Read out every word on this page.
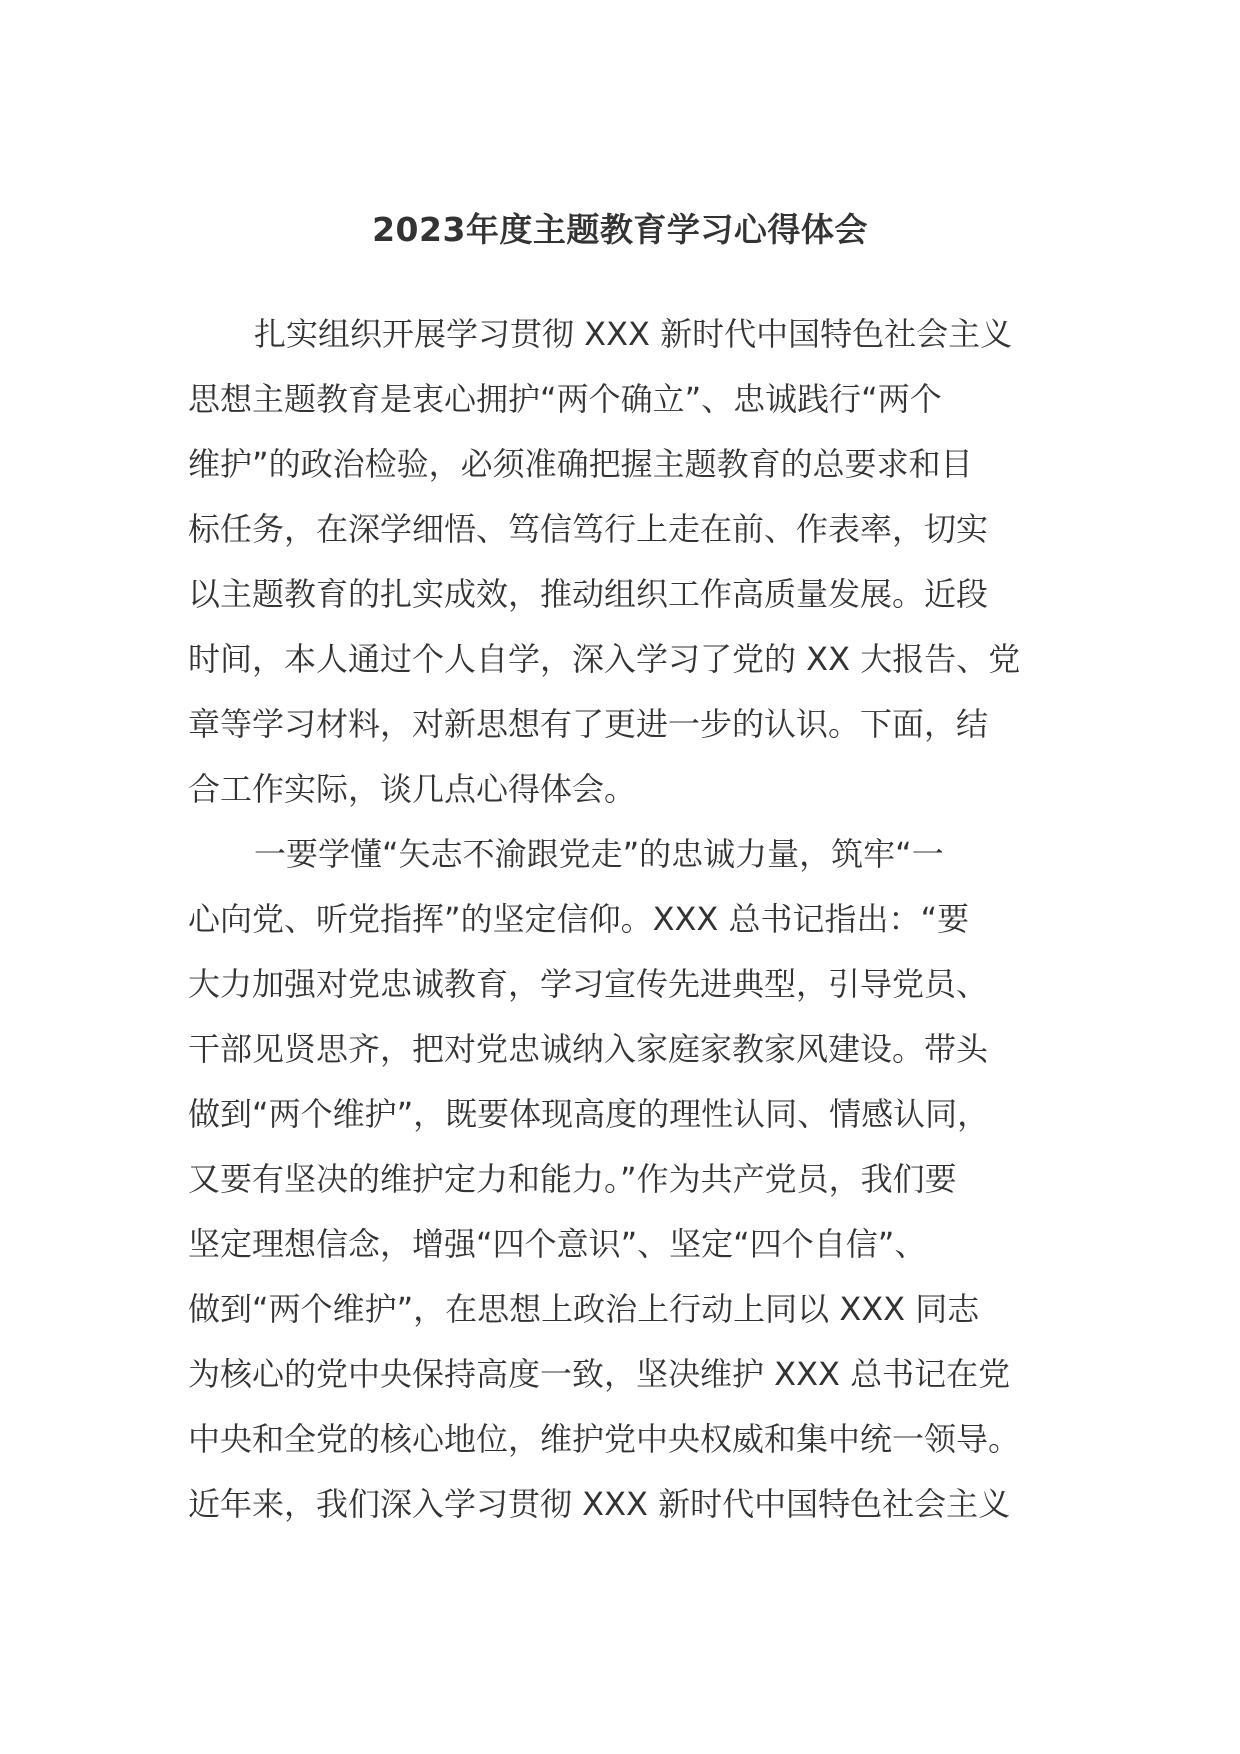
2023年度主题教育学习心得体会
扎实组织开展学习贯彻 XXX 新时代中国特色社会主义
思想主题教育是衷心拥护“两个确立”、忠诚践行“两个
维护”的政治检验，必须准确把握主题教育的总要求和目
标任务，在深学细悟、笃信笃行上走在前、作表率，切实
以主题教育的扎实成效，推动组织工作高质量发展。近段
时间，本人通过个人自学，深入学习了党的 XX 大报告、党
章等学习材料，对新思想有了更进一步的认识。下面，结
合工作实际，谈几点心得体会。
一要学懂“矢志不渝跟党走”的忠诚力量，筑牢“一
心向党、听党指挥”的坚定信仰。XXX 总书记指出：“要
大力加强对党忠诚教育，学习宣传先进典型，引导党员、
干部见贤思齐，把对党忠诚纳入家庭家教家风建设。带头
做到“两个维护”，既要体现高度的理性认同、情感认同，
又要有坚决的维护定力和能力。”作为共产党员，我们要
坚定理想信念，增强“四个意识”、坚定“四个自信”、
做到“两个维护”，在思想上政治上行动上同以 XXX 同志
为核心的党中央保持高度一致，坚决维护 XXX 总书记在党
中央和全党的核心地位，维护党中央权威和集中统一领导。
近年来，我们深入学习贯彻 XXX 新时代中国特色社会主义
